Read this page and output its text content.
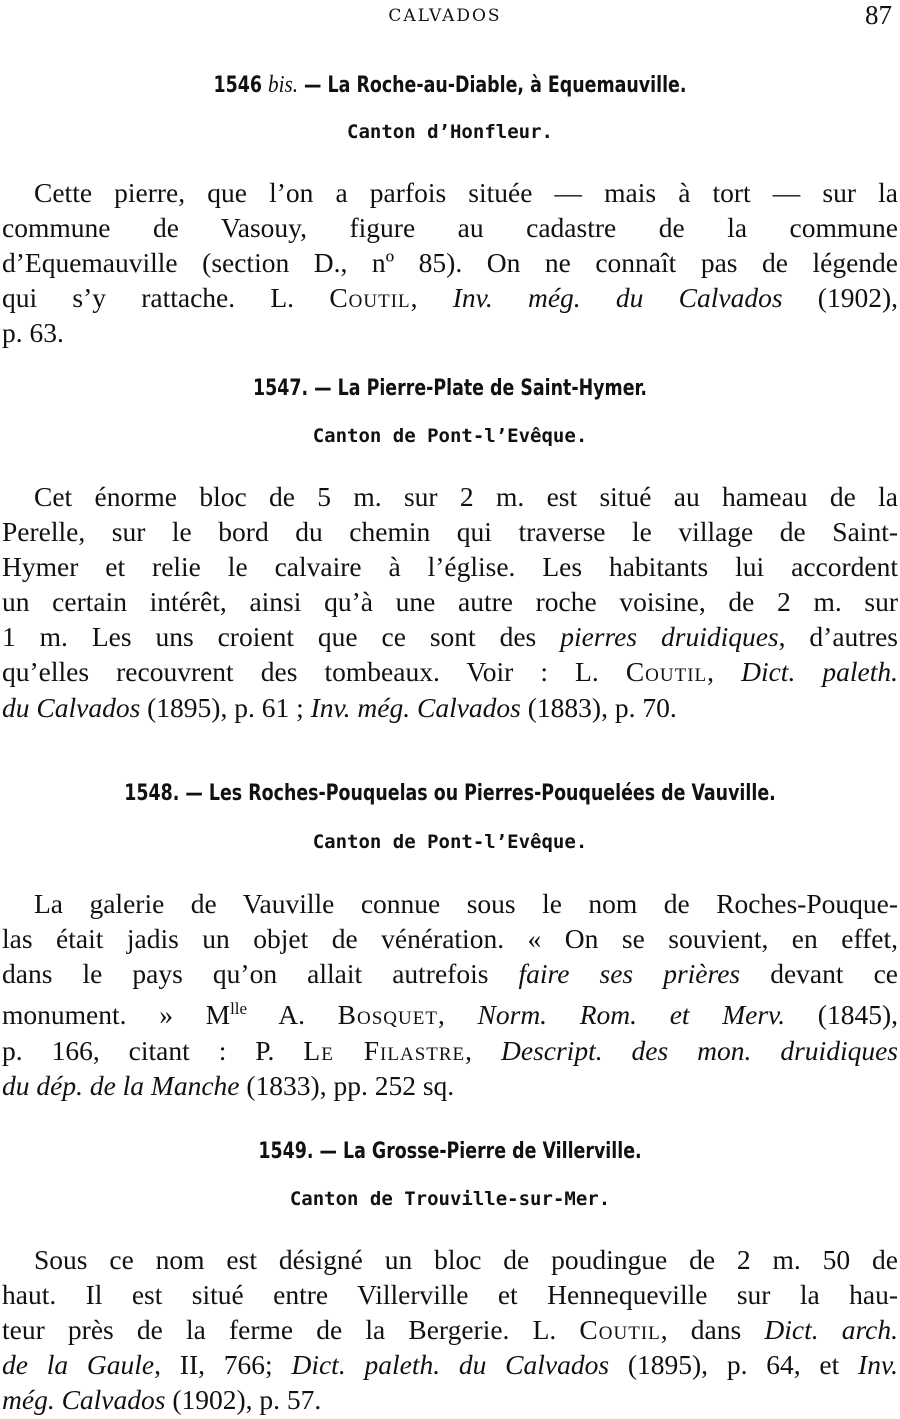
CALVADOS	87
1546 bis. — La Roche-au-Diable, à Equemauville.
Canton d’Honfleur.
Cette pierre, que l’on a parfois située — mais à tort — sur la
commune de Vasouy, figure au cadastre de la commune
d’Equemauville (section D., nº 85). On ne connaît pas de légende
qui s’y rattache. L. Coutil, Inv. még. du Calvados (1902),
p. 63.
1547. — La Pierre-Plate de Saint-Hymer.
Canton de Pont-l’Evêque.
Cet énorme bloc de 5 m. sur 2 m. est situé au hameau de la
Perelle, sur le bord du chemin qui traverse le village de Saint-
Hymer et relie le calvaire à l’église. Les habitants lui accordent
un certain intérêt, ainsi qu’à une autre roche voisine, de 2 m. sur
1 m. Les uns croient que ce sont des pierres druidiques, d’autres
qu’elles recouvrent des tombeaux. Voir : L. Coutil, Dict. paleth.
du Calvados (1895), p. 61 ; Inv. még. Calvados (1883), p. 70.
1548. — Les Roches-Pouquelas ou Pierres-Pouquelées de Vauville.
Canton de Pont-l’Evêque.
La galerie de Vauville connue sous le nom de Roches-Pouque-
las était jadis un objet de vénération. « On se souvient, en effet,
dans le pays qu’on allait autrefois faire ses prières devant ce
monument. » $M^{lle}$ A. Bosquet, Norm. Rom. et Merv. (1845),
p. 166, citant : P. Le Filastre, Descript. des mon. druidiques
du dép. de la Manche (1833), pp. 252 sq.
1549. — La Grosse-Pierre de Villerville.
Canton de Trouville-sur-Mer.
Sous ce nom est désigné un bloc de poudingue de 2 m. 50 de
haut. Il est situé entre Villerville et Hennequeville sur la hau-
teur près de la ferme de la Bergerie. L. Coutil, dans Dict. arch.
de la Gaule, II, 766; Dict. paleth. du Calvados (1895), p. 64, et Inv.
még. Calvados (1902), p. 57.
